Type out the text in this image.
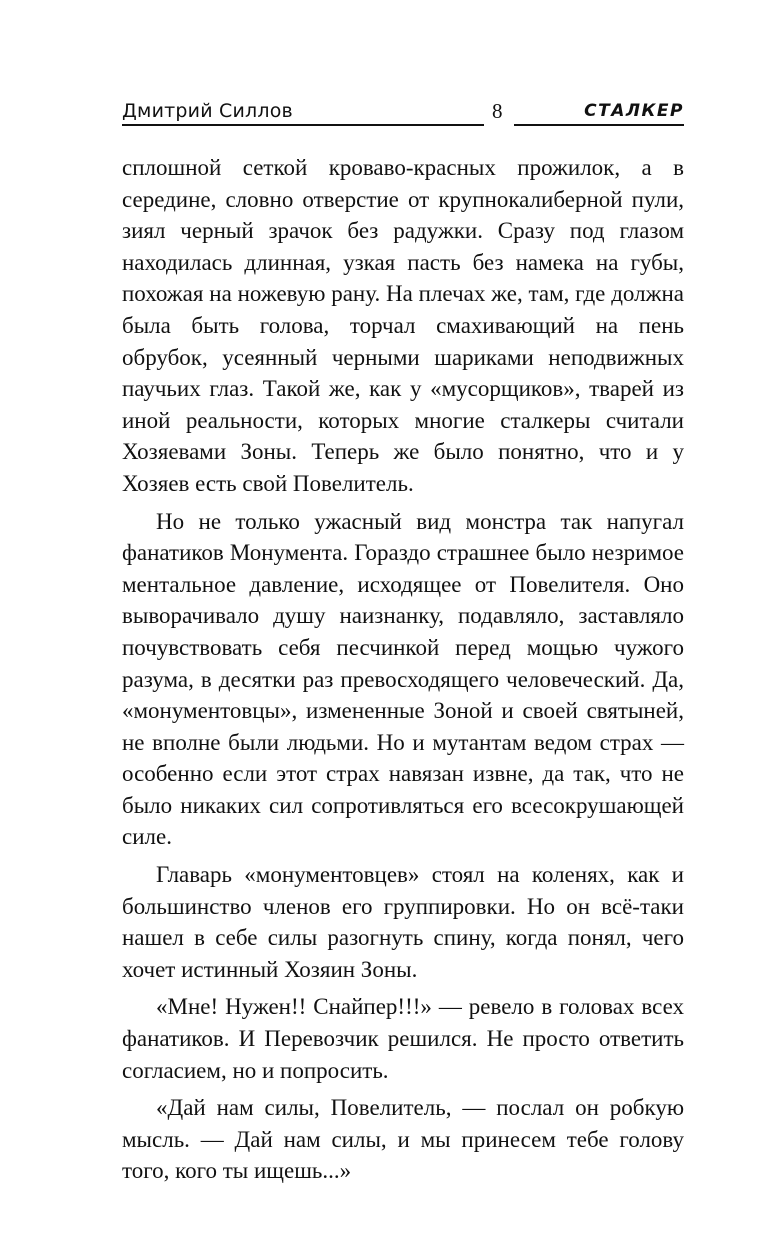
Дмитрий Силлов	8	СТАЛКЕР

сплошной сеткой кроваво-красных прожилок, а в середине, словно отверстие от крупнокалиберной пули, зиял черный зрачок без радужки. Сразу под глазом находилась длинная, узкая пасть без намека на губы, похожая на ножевую рану. На плечах же, там, где должна была быть голова, торчал смахивающий на пень обрубок, усеянный черными шариками неподвижных паучьих глаз. Такой же, как у «мусорщиков», тварей из иной реальности, которых многие сталкеры считали Хозяевами Зоны. Теперь же было понятно, что и у Хозяев есть свой Повелитель.

Но не только ужасный вид монстра так напугал фанатиков Монумента. Гораздо страшнее было незримое ментальное давление, исходящее от Повелителя. Оно выворачивало душу наизнанку, подавляло, заставляло почувствовать себя песчинкой перед мощью чужого разума, в десятки раз превосходящего человеческий. Да, «монументовцы», измененные Зоной и своей святыней, не вполне были людьми. Но и мутантам ведом страх — особенно если этот страх навязан извне, да так, что не было никаких сил сопротивляться его всесокрушающей силе.

Главарь «монументовцев» стоял на коленях, как и большинство членов его группировки. Но он всё-таки нашел в себе силы разогнуть спину, когда понял, чего хочет истинный Хозяин Зоны.

«Мне! Нужен!! Снайпер!!!» — ревело в головах всех фанатиков. И Перевозчик решился. Не просто ответить согласием, но и попросить.

«Дай нам силы, Повелитель, — послал он робкую мысль. — Дай нам силы, и мы принесем тебе голову того, кого ты ищешь...»
